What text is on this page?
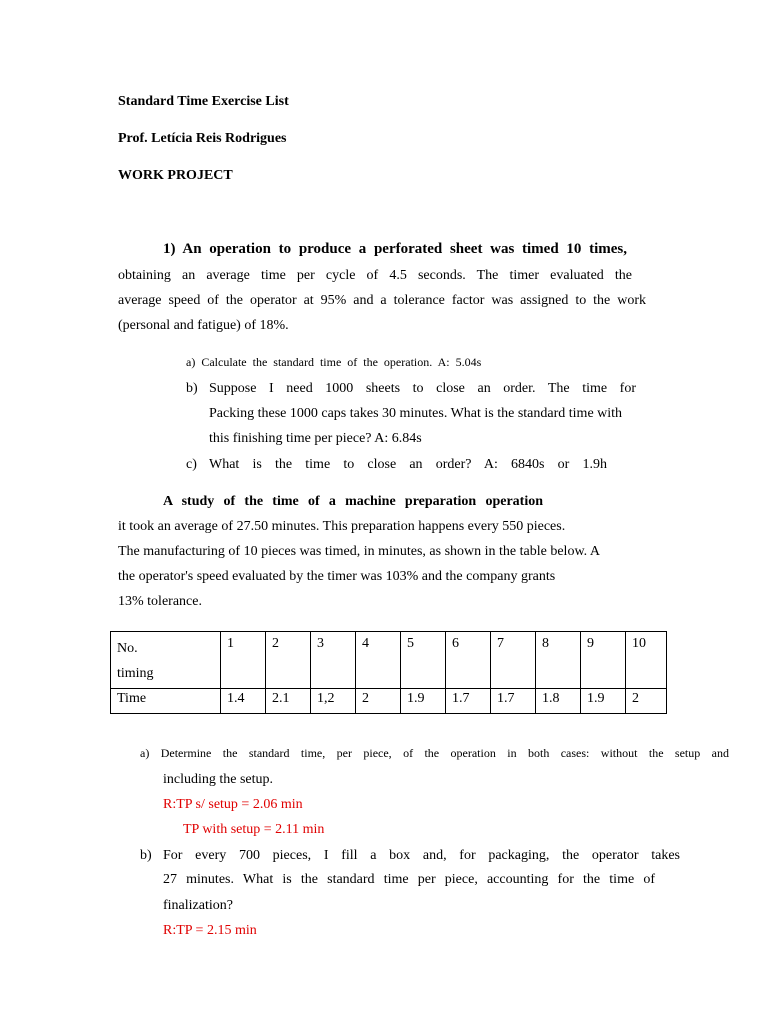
Standard Time Exercise List
Prof. Letícia Reis Rodrigues
WORK PROJECT
1) An operation to produce a perforated sheet was timed 10 times,
obtaining an average time per cycle of 4.5 seconds. The timer evaluated the
average speed of the operator at 95% and a tolerance factor was assigned to the work
(personal and fatigue) of 18%.
a)  Calculate  the  standard  time  of  the  operation.  A:  5.04s
b) Suppose I need 1000 sheets to close an order. The time for
Packing these 1000 caps takes 30 minutes. What is the standard time with
this finishing time per piece? A: 6.84s
c) What is the time to close an order? A: 6840s or 1.9h
A study of the time of a machine preparation operation
it took an average of 27.50 minutes. This preparation happens every 550 pieces.
The manufacturing of 10 pieces was timed, in minutes, as shown in the table below. A
the operator's speed evaluated by the timer was 103% and the company grants
13% tolerance.
No.
timing	1	2	3	4	5	6	7	8	9	10
Time	1.4	2.1	1,2	2	1.9	1.7	1.7	1.8	1.9	2
a) Determine the standard time, per piece, of the operation in both cases: without the setup and
including the setup.
R:TP s/ setup = 2.06 min
TP with setup = 2.11 min
b) For every 700 pieces, I fill a box and, for packaging, the operator takes
27 minutes. What is the standard time per piece, accounting for the time of
finalization?
R:TP = 2.15 min
